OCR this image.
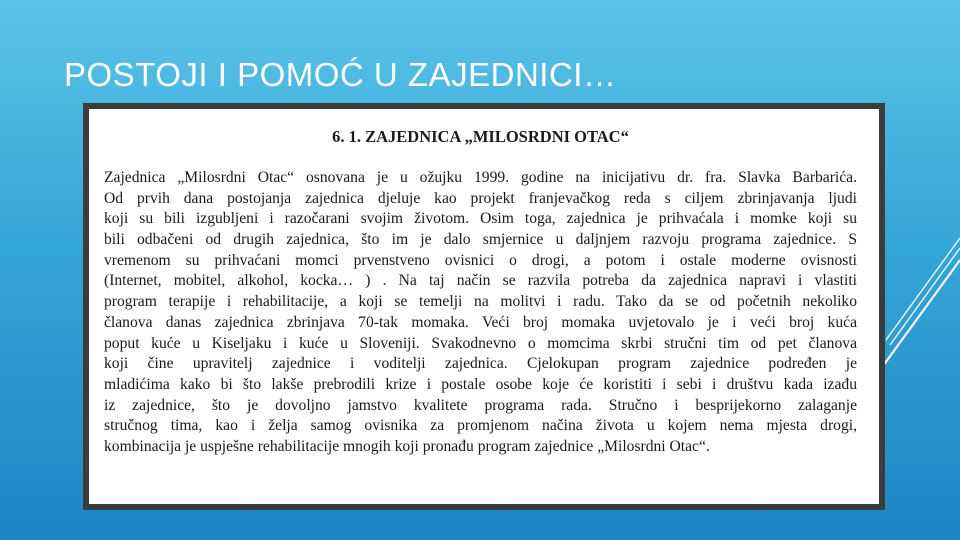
POSTOJI I POMOĆ U ZAJEDNICI…
6. 1. ZAJEDNICA „MILOSRDNI OTAC“
Zajednica „Milosrdni Otac“ osnovana je u ožujku 1999. godine na inicijativu dr. fra. Slavka Barbarića.
Od prvih dana postojanja zajednica djeluje kao projekt franjevačkog reda s ciljem zbrinjavanja ljudi
koji su bili izgubljeni i razočarani svojim životom. Osim toga, zajednica je prihvaćala i momke koji su
bili odbačeni od drugih zajednica, što im je dalo smjernice u daljnjem razvoju programa zajednice. S
vremenom su prihvaćani momci prvenstveno ovisnici o drogi, a potom i ostale moderne ovisnosti
(Internet, mobitel, alkohol, kocka… ) . Na taj način se razvila potreba da zajednica napravi i vlastiti
program terapije i rehabilitacije, a koji se temelji na molitvi i radu. Tako da se od početnih nekoliko
članova danas zajednica zbrinjava 70-tak momaka. Veći broj momaka uvjetovalo je i veći broj kuća
poput kuće u Kiseljaku i kuće u Sloveniji. Svakodnevno o momcima skrbi stručni tim od pet članova
koji čine upravitelj zajednice i voditelji zajednica. Cjelokupan program zajednice podređen je
mladićima kako bi što lakše prebrodili krize i postale osobe koje će koristiti i sebi i društvu kada izađu
iz zajednice, što je dovoljno jamstvo kvalitete programa rada. Stručno i besprijekorno zalaganje
stručnog tima, kao i želja samog ovisnika za promjenom načina života u kojem nema mjesta drogi,
kombinacija je uspješne rehabilitacije mnogih koji pronađu program zajednice „Milosrdni Otac“.
